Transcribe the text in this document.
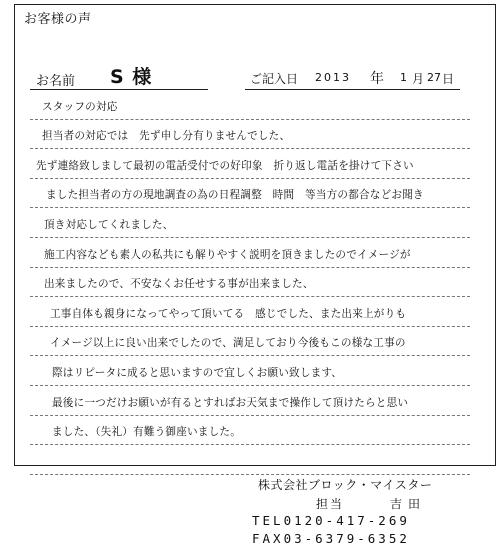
お客様の声
お名前 S 様	ご記入日 2013 年 1 月 27 日
スタッフの対応
担当者の対応では　先ず申し分有りませんでした、
先ず連絡致しまして最初の電話受付での好印象　折り返し電話を掛けて下さい
ました担当者の方の現地調査の為の日程調整　時間　等当方の都合などお聞き
頂き対応してくれました、
施工内容なども素人の私共にも解りやすく説明を頂きましたのでイメージが
出来ましたので、不安なくお任せする事が出来ました、
工事自体も親身になってやって頂いてる　感じでした、また出来上がりも
イメージ以上に良い出来でしたので、満足しており今後もこの様な工事の
際はリピータに成ると思いますので宜しくお願い致します、
最後に一つだけお願いが有るとすればお天気まで操作して頂けたらと思い
ました、（失礼）有難う御座いました。
株式会社ブロック・マイスター
担当	吉田
TEL0120-417-269
FAX03-6379-6352
